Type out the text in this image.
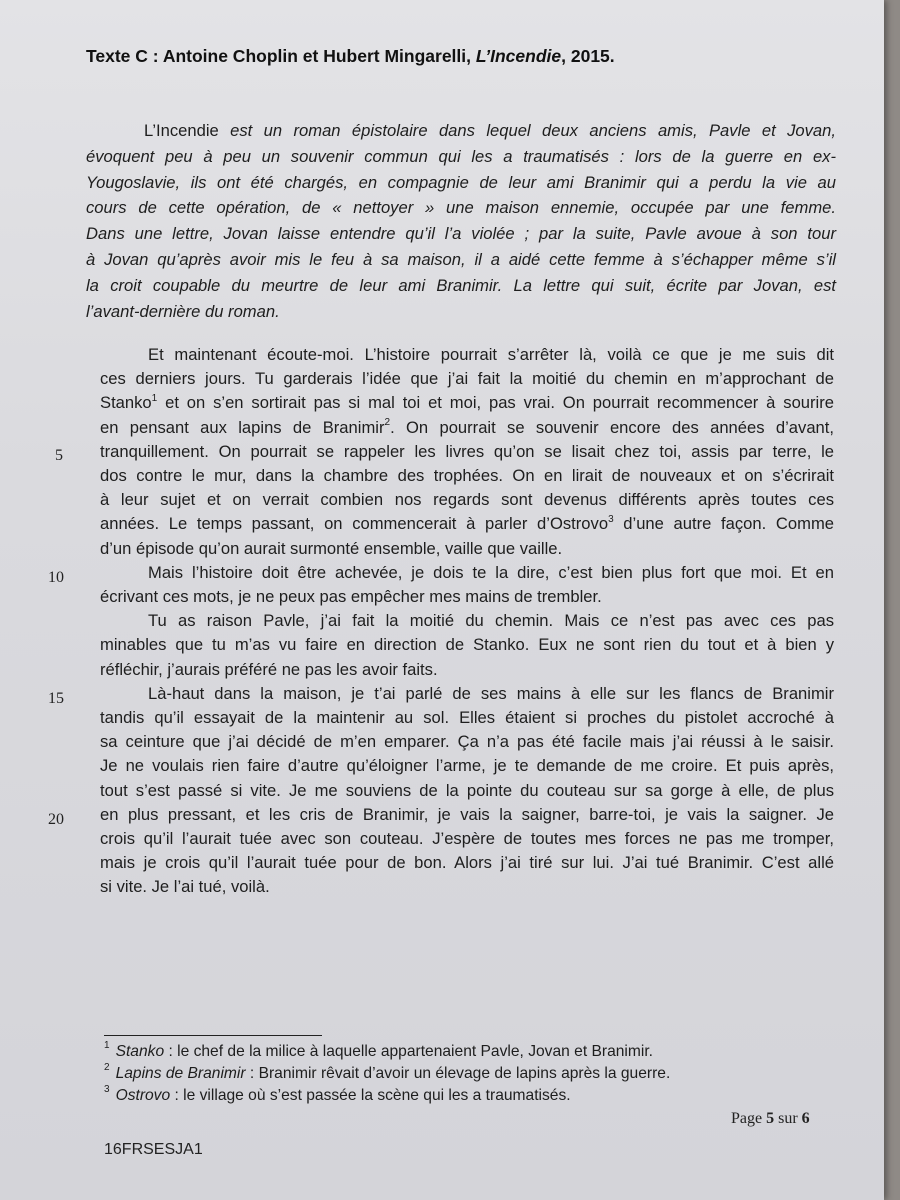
Texte C : Antoine Choplin et Hubert Mingarelli, L’Incendie, 2015.
L’Incendie est un roman épistolaire dans lequel deux anciens amis, Pavle et Jovan,
évoquent peu à peu un souvenir commun qui les a traumatisés : lors de la guerre en ex-
Yougoslavie, ils ont été chargés, en compagnie de leur ami Branimir qui a perdu la vie au
cours de cette opération, de « nettoyer » une maison ennemie, occupée par une femme.
Dans une lettre, Jovan laisse entendre qu’il l’a violée ; par la suite, Pavle avoue à son tour
à Jovan qu’après avoir mis le feu à sa maison, il a aidé cette femme à s’échapper même s’il
la croit coupable du meurtre de leur ami Branimir. La lettre qui suit, écrite par Jovan, est
l’avant-dernière du roman.
Et maintenant écoute-moi. L’histoire pourrait s’arrêter là, voilà ce que je me suis dit
ces derniers jours. Tu garderais l’idée que j’ai fait la moitié du chemin en m’approchant de
Stanko$^1$ et on s’en sortirait pas si mal toi et moi, pas vrai. On pourrait recommencer à sourire
en pensant aux lapins de Branimir$^2$. On pourrait se souvenir encore des années d’avant,
tranquillement. On pourrait se rappeler les livres qu’on se lisait chez toi, assis par terre, le
dos contre le mur, dans la chambre des trophées. On en lirait de nouveaux et on s’écrirait
à leur sujet et on verrait combien nos regards sont devenus différents après toutes ces
années. Le temps passant, on commencerait à parler d’Ostrovo$^3$ d’une autre façon. Comme
d’un épisode qu’on aurait surmonté ensemble, vaille que vaille.
Mais l’histoire doit être achevée, je dois te la dire, c’est bien plus fort que moi. Et en
écrivant ces mots, je ne peux pas empêcher mes mains de trembler.
Tu as raison Pavle, j’ai fait la moitié du chemin. Mais ce n’est pas avec ces pas
minables que tu m’as vu faire en direction de Stanko. Eux ne sont rien du tout et à bien y
réfléchir, j’aurais préféré ne pas les avoir faits.
Là-haut dans la maison, je t’ai parlé de ses mains à elle sur les flancs de Branimir
tandis qu’il essayait de la maintenir au sol. Elles étaient si proches du pistolet accroché à
sa ceinture que j’ai décidé de m’en emparer. Ça n’a pas été facile mais j’ai réussi à le saisir.
Je ne voulais rien faire d’autre qu’éloigner l’arme, je te demande de me croire. Et puis après,
tout s’est passé si vite. Je me souviens de la pointe du couteau sur sa gorge à elle, de plus
en plus pressant, et les cris de Branimir, je vais la saigner, barre-toi, je vais la saigner. Je
crois qu’il l’aurait tuée avec son couteau. J’espère de toutes mes forces ne pas me tromper,
mais je crois qu’il l’aurait tuée pour de bon. Alors j’ai tiré sur lui. J’ai tué Branimir. C’est allé
si vite. Je l’ai tué, voilà.
5
10
15
20
$^1$ Stanko : le chef de la milice à laquelle appartenaient Pavle, Jovan et Branimir.
$^2$ Lapins de Branimir : Branimir rêvait d’avoir un élevage de lapins après la guerre.
$^3$ Ostrovo : le village où s’est passée la scène qui les a traumatisés.
Page 5 sur 6
16FRSESJA1
